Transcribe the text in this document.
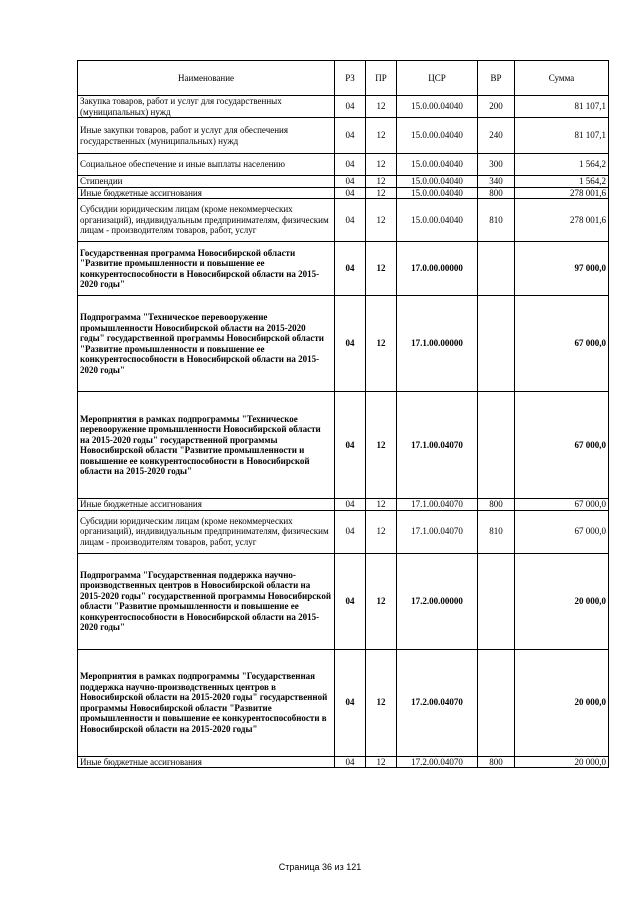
Наименование	РЗ	ПР	ЦСР	ВР	Сумма
Закупка товаров, работ и услуг для государственных (муниципальных) нужд	04	12	15.0.00.04040	200	81 107,1
Иные закупки товаров, работ и услуг для обеспечения государственных (муниципальных) нужд	04	12	15.0.00.04040	240	81 107,1
Социальное обеспечение и иные выплаты населению	04	12	15.0.00.04040	300	1 564,2
Стипендии	04	12	15.0.00.04040	340	1 564,2
Иные бюджетные ассигнования	04	12	15.0.00.04040	800	278 001,6
Субсидии юридическим лицам (кроме некоммерческих организаций), индивидуальным предпринимателям, физическим лицам - производителям товаров, работ, услуг	04	12	15.0.00.04040	810	278 001,6
Государственная программа Новосибирской области "Развитие промышленности и повышение ее конкурентоспособности в Новосибирской области на 2015-2020 годы"	04	12	17.0.00.00000		97 000,0
Подпрограмма "Техническое перевооружение промышленности Новосибирской области на 2015-2020 годы" государственной программы Новосибирской области "Развитие промышленности и повышение ее конкурентоспособности в Новосибирской области на 2015-2020 годы"	04	12	17.1.00.00000		67 000,0
Мероприятия в рамках подпрограммы "Техническое перевооружение промышленности Новосибирской области на 2015-2020 годы" государственной программы Новосибирской области "Развитие промышленности и повышение ее конкурентоспособности в Новосибирской области на 2015-2020 годы"	04	12	17.1.00.04070		67 000,0
Иные бюджетные ассигнования	04	12	17.1.00.04070	800	67 000,0
Субсидии юридическим лицам (кроме некоммерческих организаций), индивидуальным предпринимателям, физическим лицам - производителям товаров, работ, услуг	04	12	17.1.00.04070	810	67 000,0
Подпрограмма "Государственная поддержка научно-производственных центров в Новосибирской области на 2015-2020 годы" государственной программы Новосибирской области "Развитие промышленности и повышение ее конкурентоспособности в Новосибирской области на 2015-2020 годы"	04	12	17.2.00.00000		20 000,0
Мероприятия в рамках подпрограммы "Государственная поддержка научно-производственных центров в Новосибирской области на 2015-2020 годы" государственной программы Новосибирской области "Развитие промышленности и повышение ее конкурентоспособности в Новосибирской области на 2015-2020 годы"	04	12	17.2.00.04070		20 000,0
Иные бюджетные ассигнования	04	12	17.2.00.04070	800	20 000,0
Страница 36 из 121
